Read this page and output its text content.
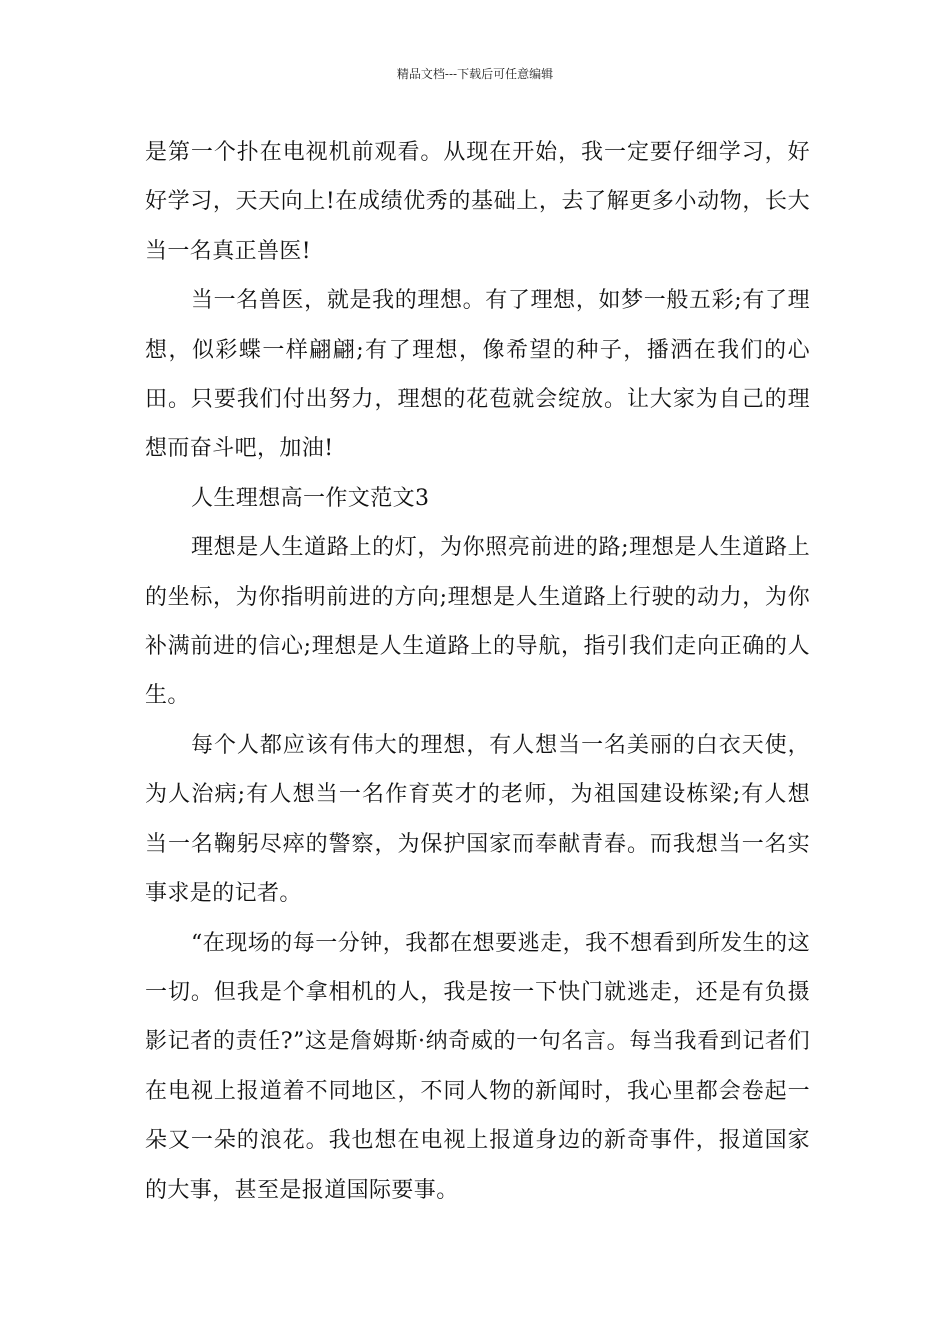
精品文档---下载后可任意编辑

是第一个扑在电视机前观看。从现在开始，我一定要仔细学习，好好学习，天天向上!在成绩优秀的基础上，去了解更多小动物，长大当一名真正兽医!

当一名兽医，就是我的理想。有了理想，如梦一般五彩;有了理想，似彩蝶一样翩翩;有了理想，像希望的种子，播洒在我们的心田。只要我们付出努力，理想的花苞就会绽放。让大家为自己的理想而奋斗吧，加油!

人生理想高一作文范文3

理想是人生道路上的灯，为你照亮前进的路;理想是人生道路上的坐标，为你指明前进的方向;理想是人生道路上行驶的动力，为你补满前进的信心;理想是人生道路上的导航，指引我们走向正确的人生。

每个人都应该有伟大的理想，有人想当一名美丽的白衣天使，为人治病;有人想当一名作育英才的老师，为祖国建设栋梁;有人想当一名鞠躬尽瘁的警察，为保护国家而奉献青春。而我想当一名实事求是的记者。

“在现场的每一分钟，我都在想要逃走，我不想看到所发生的这一切。但我是个拿相机的人，我是按一下快门就逃走，还是有负摄影记者的责任?”这是詹姆斯·纳奇威的一句名言。每当我看到记者们在电视上报道着不同地区，不同人物的新闻时，我心里都会卷起一朵又一朵的浪花。我也想在电视上报道身边的新奇事件，报道国家的大事，甚至是报道国际要事。
